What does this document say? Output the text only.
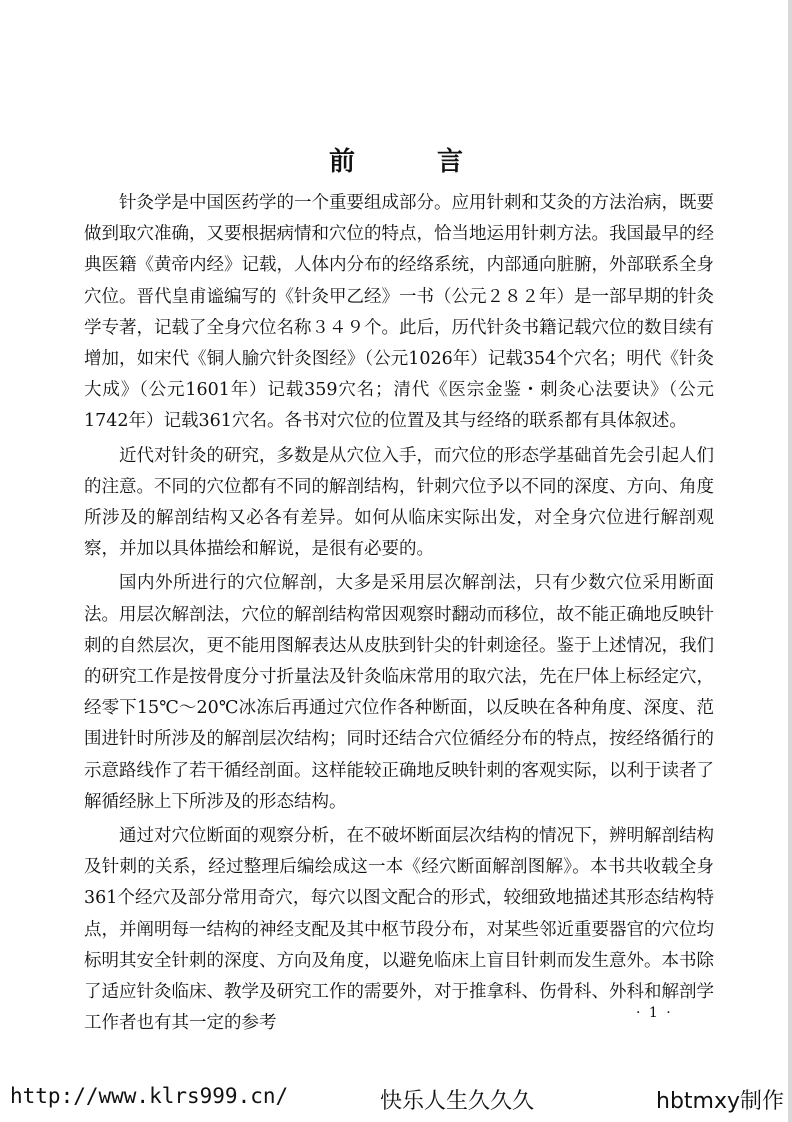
前　言

针灸学是中国医药学的一个重要组成部分。应用针刺和艾灸的方法治病，既要做到取穴准确，又要根据病情和穴位的特点，恰当地运用针刺方法。我国最早的经典医籍《黄帝内经》记载，人体内分布的经络系统，内部通向脏腑，外部联系全身穴位。晋代皇甫谧编写的《针灸甲乙经》一书（公元２８２年）是一部早期的针灸学专著，记载了全身穴位名称３４９个。此后，历代针灸书籍记载穴位的数目续有增加，如宋代《铜人腧穴针灸图经》（公元1026年）记载354个穴名；明代《针灸大成》（公元1601年）记载359穴名；清代《医宗金鉴・刺灸心法要诀》（公元1742年）记载361穴名。各书对穴位的位置及其与经络的联系都有具体叙述。

近代对针灸的研究，多数是从穴位入手，而穴位的形态学基础首先会引起人们的注意。不同的穴位都有不同的解剖结构，针刺穴位予以不同的深度、方向、角度所涉及的解剖结构又必各有差异。如何从临床实际出发，对全身穴位进行解剖观察，并加以具体描绘和解说，是很有必要的。

国内外所进行的穴位解剖，大多是采用层次解剖法，只有少数穴位采用断面法。用层次解剖法，穴位的解剖结构常因观察时翻动而移位，故不能正确地反映针刺的自然层次，更不能用图解表达从皮肤到针尖的针刺途径。鉴于上述情况，我们的研究工作是按骨度分寸折量法及针灸临床常用的取穴法，先在尸体上标经定穴，经零下15℃～20℃冰冻后再通过穴位作各种断面，以反映在各种角度、深度、范围进针时所涉及的解剖层次结构；同时还结合穴位循经分布的特点，按经络循行的示意路线作了若干循经剖面。这样能较正确地反映针刺的客观实际，以利于读者了解循经脉上下所涉及的形态结构。

通过对穴位断面的观察分析，在不破坏断面层次结构的情况下，辨明解剖结构及针刺的关系，经过整理后编绘成这一本《经穴断面解剖图解》。本书共收载全身361个经穴及部分常用奇穴，每穴以图文配合的形式，较细致地描述其形态结构特点，并阐明每一结构的神经支配及其中枢节段分布，对某些邻近重要器官的穴位均标明其安全针刺的深度、方向及角度，以避免临床上盲目针刺而发生意外。本书除了适应针灸临床、教学及研究工作的需要外，对于推拿科、伤骨科、外科和解剖学工作者也有其一定的参考

· 1 ·
http://www.klrs999.cn/	快乐人生久久久	hbtmxy制作
